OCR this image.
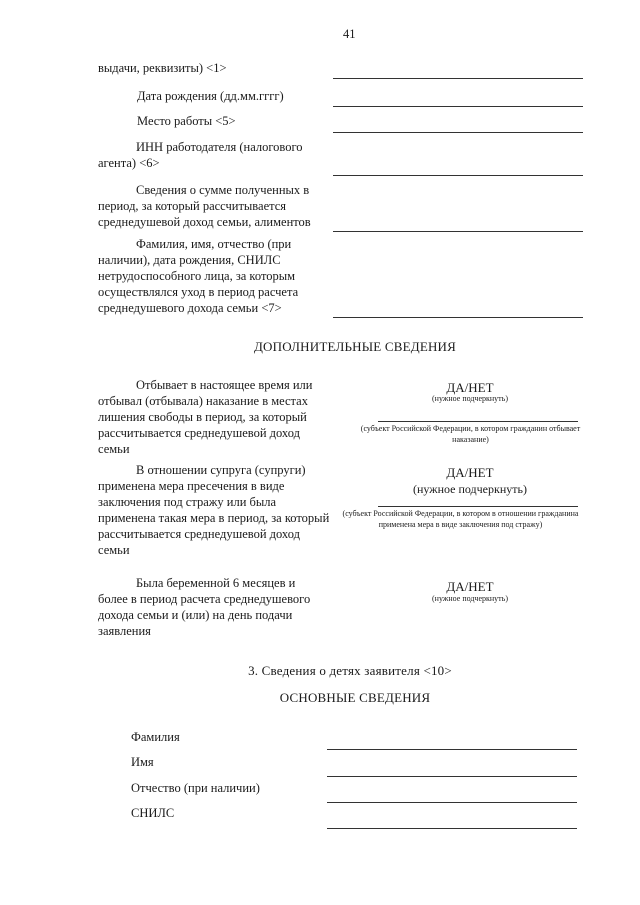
41
выдачи, реквизиты) <1>
Дата рождения (дд.мм.гггг)
Место работы <5>
ИНН работодателя (налогового агента) <6>
Сведения о сумме полученных в период, за который рассчитывается среднедушевой доход семьи, алиментов
Фамилия, имя, отчество (при наличии), дата рождения, СНИЛС нетрудоспособного лица, за которым осуществлялся уход в период расчета среднедушевого дохода семьи <7>
ДОПОЛНИТЕЛЬНЫЕ СВЕДЕНИЯ
Отбывает в настоящее время или отбывал (отбывала) наказание в местах лишения свободы в период, за который рассчитывается среднедушевой доход семьи
ДА/НЕТ
(нужное подчеркнуть)
(субъект Российской Федерации, в котором гражданин отбывает наказание)
В отношении супруга (супруги) применена мера пресечения в виде заключения под стражу или была применена такая мера в период, за который рассчитывается среднедушевой доход семьи
ДА/НЕТ
(нужное подчеркнуть)
(субъект Российской Федерации, в котором в отношении гражданина применена мера в виде заключения под стражу)
Была беременной 6 месяцев и более в период расчета среднедушевого дохода семьи и (или) на день подачи заявления
ДА/НЕТ
(нужное подчеркнуть)
3. Сведения о детях заявителя <10>
ОСНОВНЫЕ СВЕДЕНИЯ
Фамилия
Имя
Отчество (при наличии)
СНИЛС
